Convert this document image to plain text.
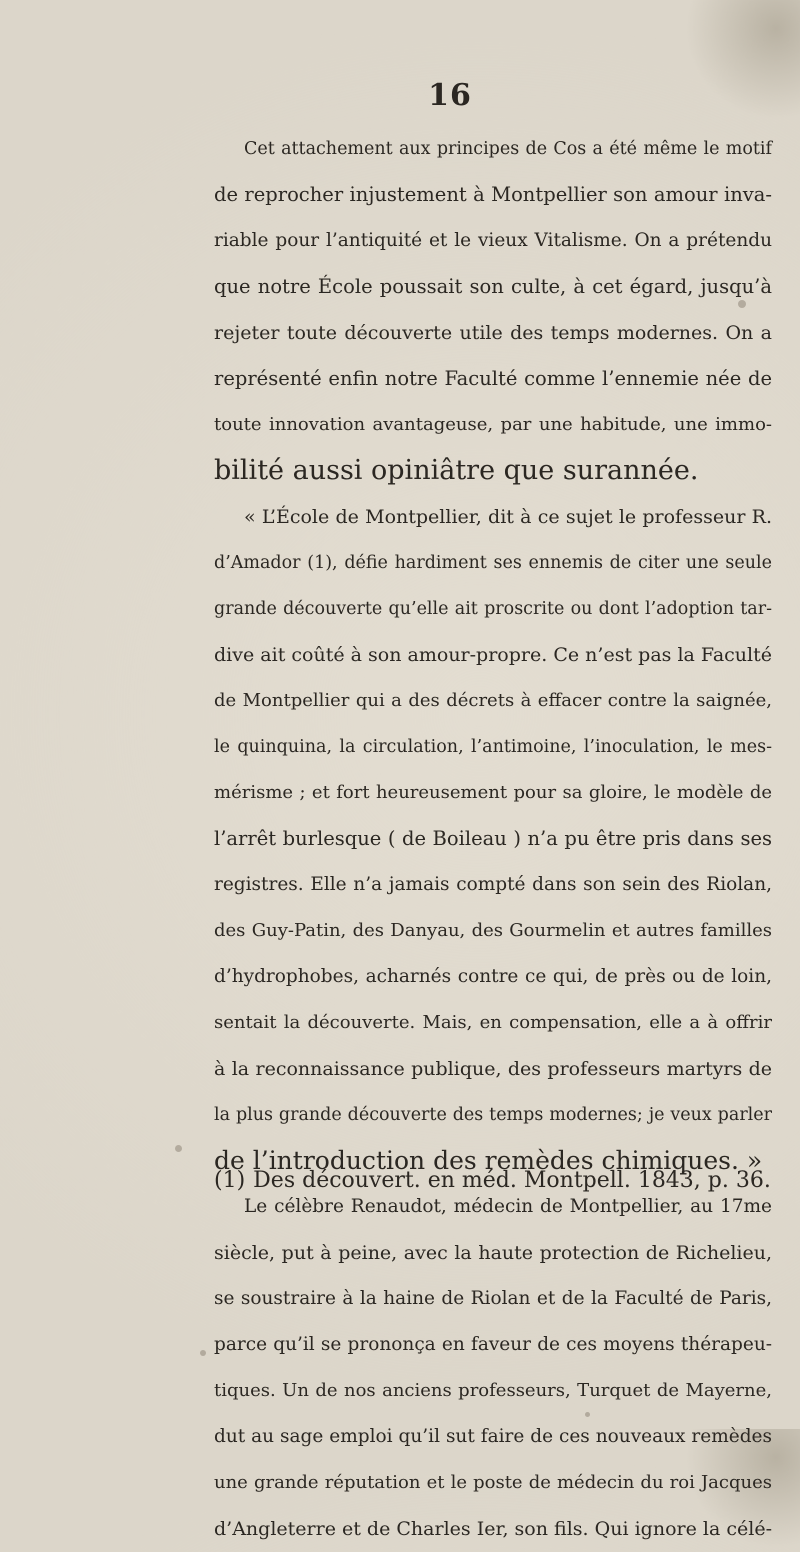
16
Cet attachement aux principes de Cos a été même le motif
de reprocher injustement à Montpellier son amour inva-
riable pour l’antiquité et le vieux Vitalisme. On a prétendu
que notre École poussait son culte, à cet égard, jusqu’à
rejeter toute découverte utile des temps modernes. On a
représenté enfin notre Faculté comme l’ennemie née de
toute innovation avantageuse, par une habitude, une immo-
bilité aussi opiniâtre que surannée.
« L’École de Montpellier, dit à ce sujet le professeur R.
d’Amador (1), défie hardiment ses ennemis de citer une seule
grande découverte qu’elle ait proscrite ou dont l’adoption tar-
dive ait coûté à son amour-propre. Ce n’est pas la Faculté
de Montpellier qui a des décrets à effacer contre la saignée,
le quinquina, la circulation, l’antimoine, l’inoculation, le mes-
mérisme ; et fort heureusement pour sa gloire, le modèle de
l’arrêt burlesque ( de Boileau ) n’a pu être pris dans ses
registres. Elle n’a jamais compté dans son sein des Riolan,
des Guy-Patin, des Danyau, des Gourmelin et autres familles
d’hydrophobes, acharnés contre ce qui, de près ou de loin,
sentait la découverte. Mais, en compensation, elle a à offrir
à la reconnaissance publique, des professeurs martyrs de
la plus grande découverte des temps modernes; je veux parler
de l’introduction des remèdes chimiques. »
Le célèbre Renaudot, médecin de Montpellier, au 17me
siècle, put à peine, avec la haute protection de Richelieu,
se soustraire à la haine de Riolan et de la Faculté de Paris,
parce qu’il se prononça en faveur de ces moyens thérapeu-
tiques. Un de nos anciens professeurs, Turquet de Mayerne,
dut au sage emploi qu’il sut faire de ces nouveaux remèdes
une grande réputation et le poste de médecin du roi Jacques
d’Angleterre et de Charles Ier, son fils. Qui ignore la célé-
(1) Des découvert. en méd. Montpell. 1843, p. 36.
